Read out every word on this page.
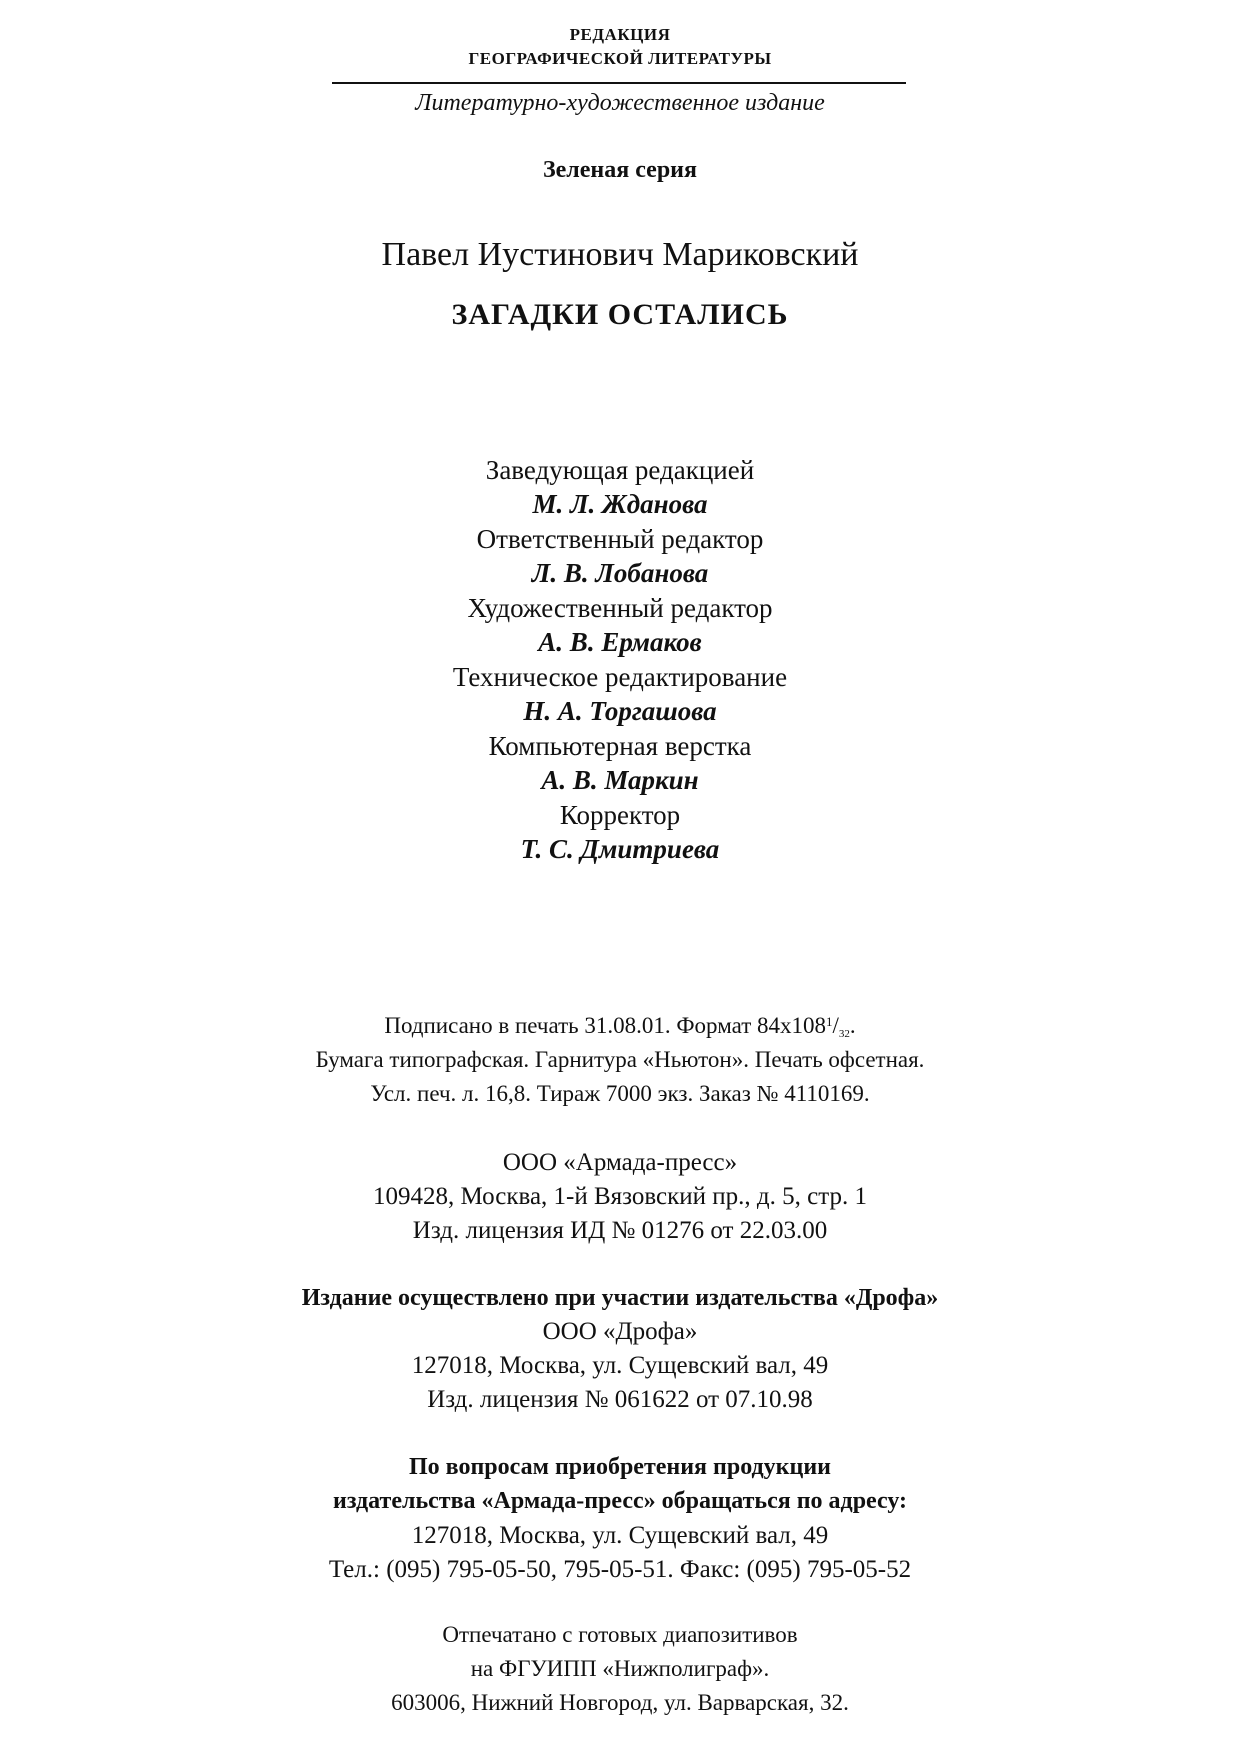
РЕДАКЦИЯ
ГЕОГРАФИЧЕСКОЙ ЛИТЕРАТУРЫ
Литературно-художественное издание
Зеленая серия
Павел Иустинович Мариковский
ЗАГАДКИ ОСТАЛИСЬ
Заведующая редакцией
М. Л. Жданова
Ответственный редактор
Л. В. Лобанова
Художественный редактор
А. В. Ермаков
Техническое редактирование
Н. А. Торгашова
Компьютерная верстка
А. В. Маркин
Корректор
Т. С. Дмитриева
Подписано в печать 31.08.01. Формат $84х108^1/_{32}$.
Бумага типографская. Гарнитура «Ньютон». Печать офсетная.
Усл. печ. л. 16,8. Тираж 7000 экз. Заказ № 4110169.
ООО «Армада-пресс»
109428, Москва, 1-й Вязовский пр., д. 5, стр. 1
Изд. лицензия ИД № 01276 от 22.03.00
Издание осуществлено при участии издательства «Дрофа»
ООО «Дрофа»
127018, Москва, ул. Сущевский вал, 49
Изд. лицензия № 061622 от 07.10.98
По вопросам приобретения продукции
издательства «Армада-пресс» обращаться по адресу:
127018, Москва, ул. Сущевский вал, 49
Тел.: (095) 795-05-50, 795-05-51. Факс: (095) 795-05-52
Отпечатано с готовых диапозитивов
на ФГУИПП «Нижполиграф».
603006, Нижний Новгород, ул. Варварская, 32.
